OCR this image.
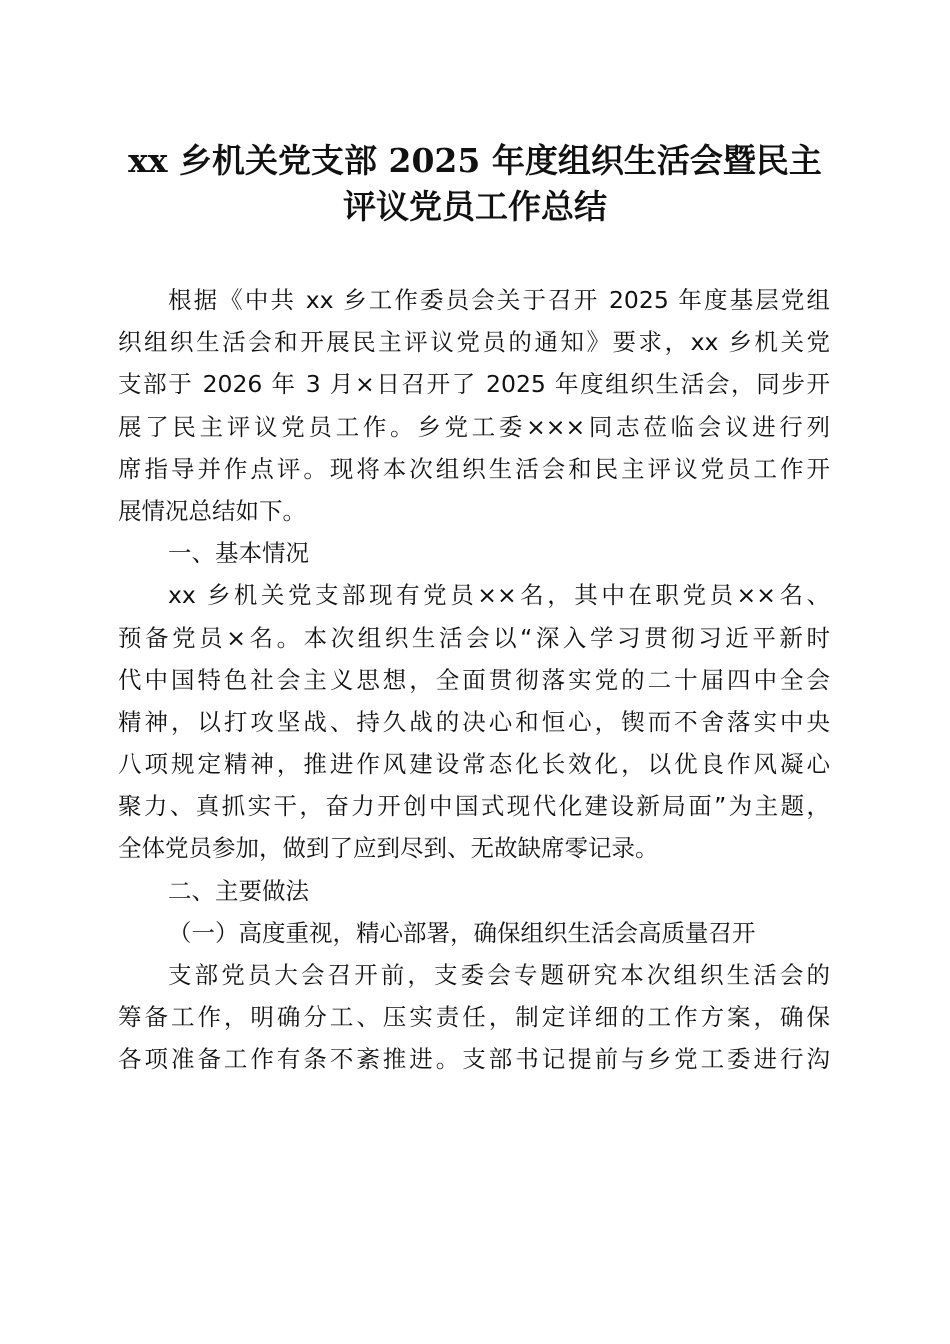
xx 乡机关党支部 2025 年度组织生活会暨民主
评议党员工作总结
根据《中共 xx 乡工作委员会关于召开 2025 年度基层党组
织组织生活会和开展民主评议党员的通知》要求，xx 乡机关党
支部于 2026 年 3 月×日召开了 2025 年度组织生活会，同步开
展了民主评议党员工作。乡党工委×××同志莅临会议进行列
席指导并作点评。现将本次组织生活会和民主评议党员工作开
展情况总结如下。
一、基本情况
xx 乡机关党支部现有党员××名，其中在职党员××名、
预备党员×名。本次组织生活会以“深入学习贯彻习近平新时
代中国特色社会主义思想，全面贯彻落实党的二十届四中全会
精神，以打攻坚战、持久战的决心和恒心，锲而不舍落实中央
八项规定精神，推进作风建设常态化长效化，以优良作风凝心
聚力、真抓实干，奋力开创中国式现代化建设新局面”为主题，
全体党员参加，做到了应到尽到、无故缺席零记录。
二、主要做法
（一）高度重视，精心部署，确保组织生活会高质量召开
支部党员大会召开前，支委会专题研究本次组织生活会的
筹备工作，明确分工、压实责任，制定详细的工作方案，确保
各项准备工作有条不紊推进。支部书记提前与乡党工委进行沟
